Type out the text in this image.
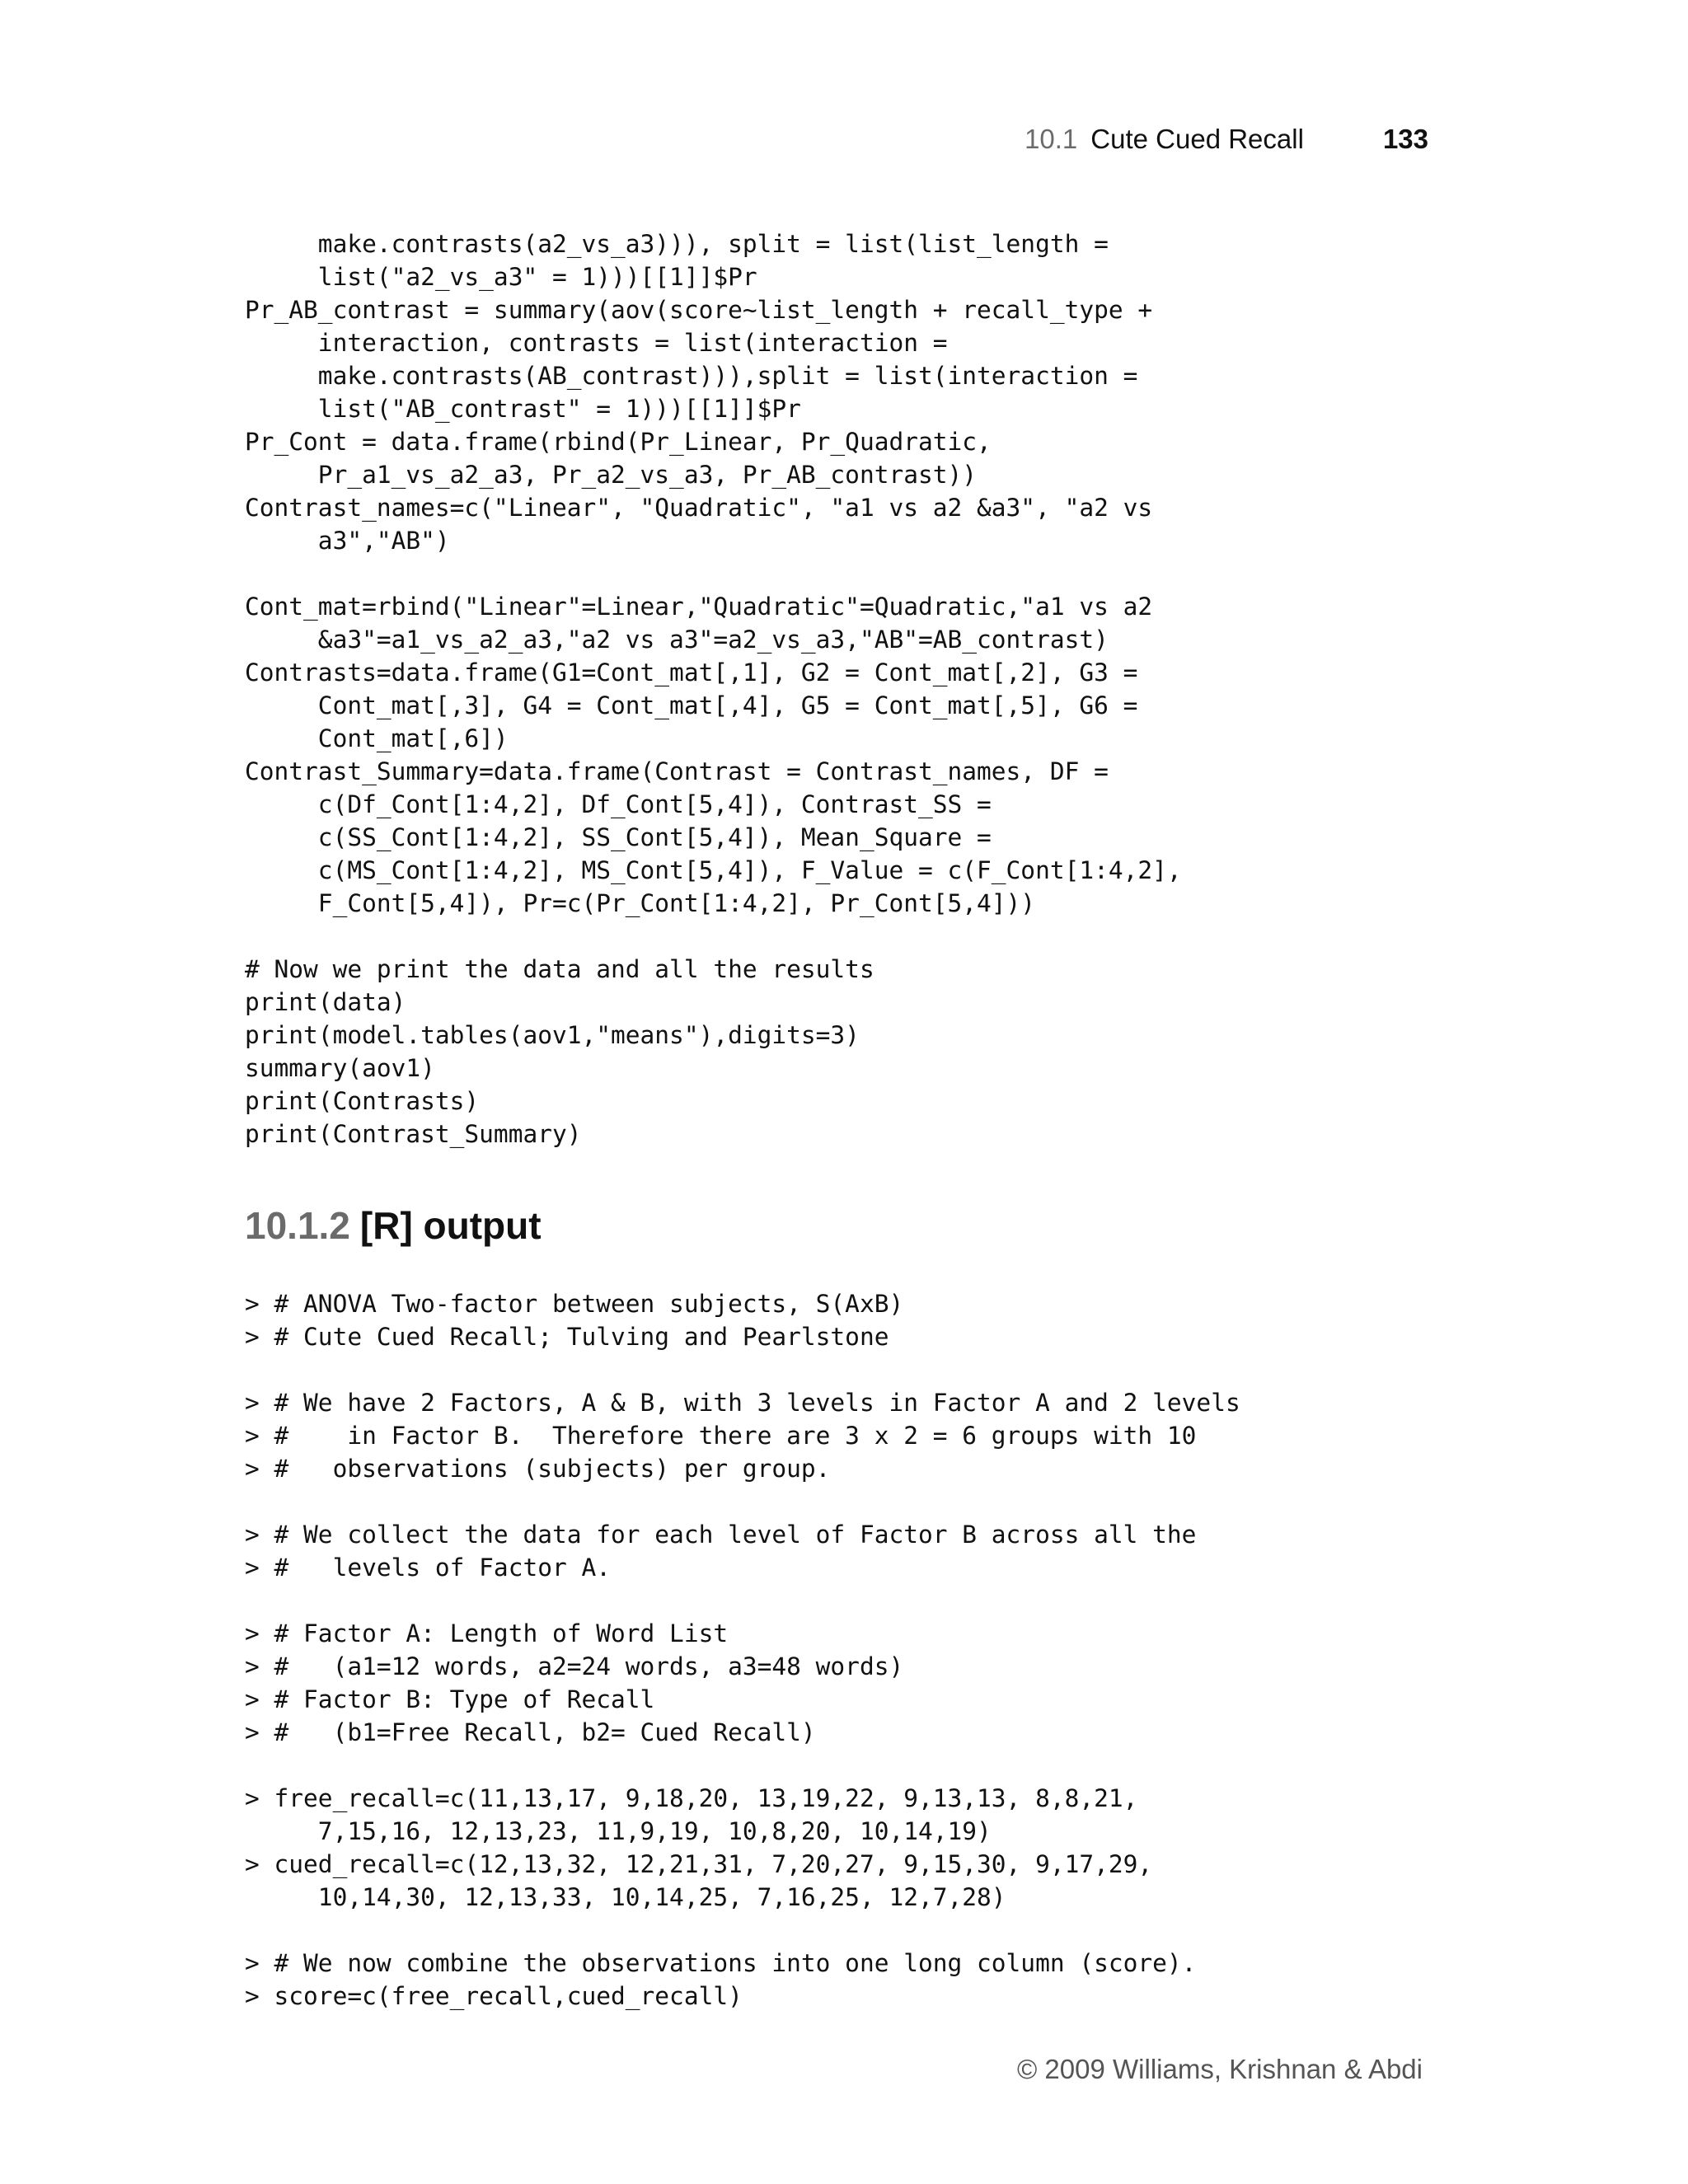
10.1 Cute Cued Recall	133
make.contrasts(a2_vs_a3))), split = list(list_length =
list("a2_vs_a3" = 1)))[[1]]$Pr
Pr_AB_contrast = summary(aov(score~list_length + recall_type +
interaction, contrasts = list(interaction =
make.contrasts(AB_contrast))),split = list(interaction =
list("AB_contrast" = 1)))[[1]]$Pr
Pr_Cont = data.frame(rbind(Pr_Linear, Pr_Quadratic,
Pr_a1_vs_a2_a3, Pr_a2_vs_a3, Pr_AB_contrast))
Contrast_names=c("Linear", "Quadratic", "a1 vs a2 &a3", "a2 vs
a3","AB")
Cont_mat=rbind("Linear"=Linear,"Quadratic"=Quadratic,"a1 vs a2
&a3"=a1_vs_a2_a3,"a2 vs a3"=a2_vs_a3,"AB"=AB_contrast)
Contrasts=data.frame(G1=Cont_mat[,1], G2 = Cont_mat[,2], G3 =
Cont_mat[,3], G4 = Cont_mat[,4], G5 = Cont_mat[,5], G6 =
Cont_mat[,6])
Contrast_Summary=data.frame(Contrast = Contrast_names, DF =
c(Df_Cont[1:4,2], Df_Cont[5,4]), Contrast_SS =
c(SS_Cont[1:4,2], SS_Cont[5,4]), Mean_Square =
c(MS_Cont[1:4,2], MS_Cont[5,4]), F_Value = c(F_Cont[1:4,2],
F_Cont[5,4]), Pr=c(Pr_Cont[1:4,2], Pr_Cont[5,4]))
# Now we print the data and all the results
print(data)
print(model.tables(aov1,"means"),digits=3)
summary(aov1)
print(Contrasts)
print(Contrast_Summary)
10.1.2 [R] output
> # ANOVA Two-factor between subjects, S(AxB)
> # Cute Cued Recall; Tulving and Pearlstone
> # We have 2 Factors, A & B, with 3 levels in Factor A and 2 levels
> #    in Factor B.  Therefore there are 3 x 2 = 6 groups with 10
> #   observations (subjects) per group.
> # We collect the data for each level of Factor B across all the
> #   levels of Factor A.
> # Factor A: Length of Word List
> #   (a1=12 words, a2=24 words, a3=48 words)
> # Factor B: Type of Recall
> #   (b1=Free Recall, b2= Cued Recall)
> free_recall=c(11,13,17, 9,18,20, 13,19,22, 9,13,13, 8,8,21,
7,15,16, 12,13,23, 11,9,19, 10,8,20, 10,14,19)
> cued_recall=c(12,13,32, 12,21,31, 7,20,27, 9,15,30, 9,17,29,
10,14,30, 12,13,33, 10,14,25, 7,16,25, 12,7,28)
> # We now combine the observations into one long column (score).
> score=c(free_recall,cued_recall)
© 2009 Williams, Krishnan & Abdi
